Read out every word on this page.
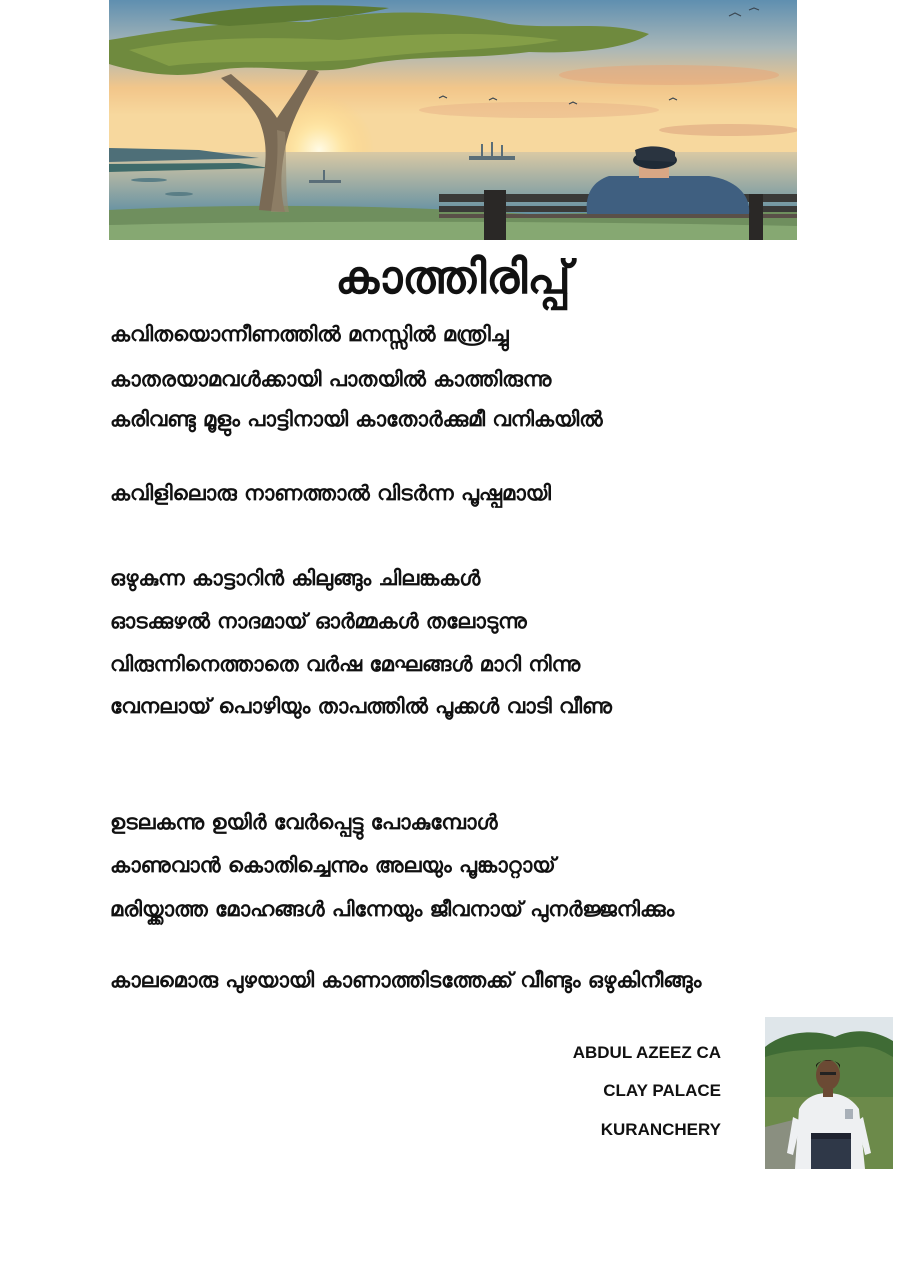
കാത്തിരിപ്പ്

കവിതയൊന്നീണത്തിൽ മനസ്സിൽ മന്ത്രിച്ചു

കാതരയാമവൾക്കായി പാതയിൽ കാത്തിരുന്നു

കരിവണ്ടു മൂളും പാട്ടിനായി കാതോർക്കുമീ വനികയിൽ

കവിളിലൊരു നാണത്താൽ വിടർന്ന പൂഷ്പമായി

ഒഴുകുന്ന കാട്ടാറിൻ കിലുങ്ങും ചിലങ്കകൾ

ഓടക്കുഴൽ നാദമായ് ഓർമ്മകൾ തലോടുന്നു

വിരുന്നിനെത്താതെ വർഷ മേഘങ്ങൾ മാറി നിന്നു

വേനലായ് പൊഴിയും താപത്തിൽ പൂക്കൾ വാടി വീണു

ഉടലകന്നു ഉയിർ വേർപ്പെട്ടു പോകുമ്പോൾ

കാണുവാൻ കൊതിച്ചെന്നും അലയും പൂങ്കാറ്റായ്

മരിയ്ക്കാത്ത മോഹങ്ങൾ പിന്നേയും ജീവനായ് പുനർജ്ജനിക്കും

കാലമൊരു പുഴയായി കാണാത്തിടത്തേക്ക് വീണ്ടും ഒഴുകിനീങ്ങും

ABDUL AZEEZ CA

CLAY PALACE

KURANCHERY
